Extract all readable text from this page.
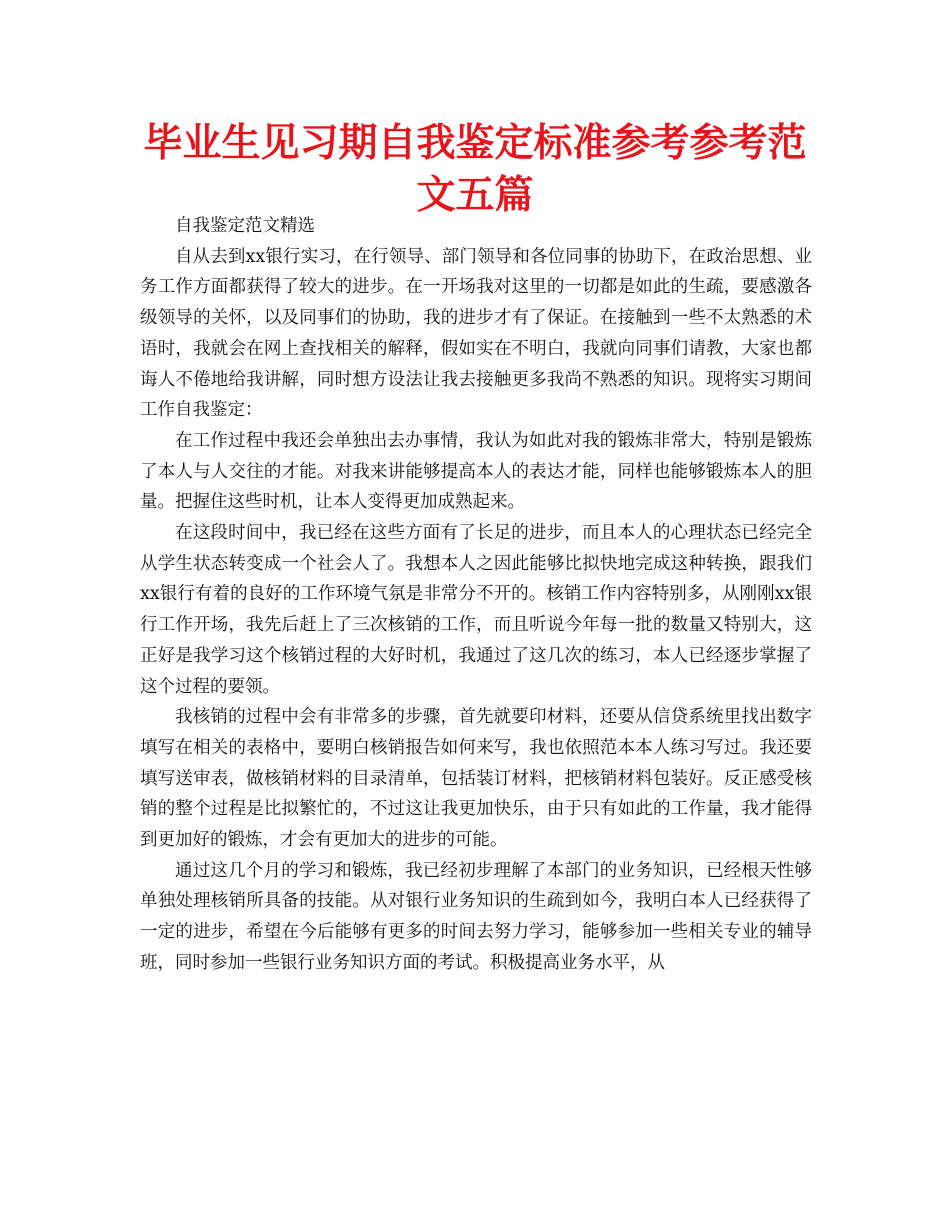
毕业生见习期自我鉴定标准参考参考范文五篇

自我鉴定范文精选

自从去到xx银行实习，在行领导、部门领导和各位同事的协助下，在政治思想、业务工作方面都获得了较大的进步。在一开场我对这里的一切都是如此的生疏，要感激各级领导的关怀，以及同事们的协助，我的进步才有了保证。在接触到一些不太熟悉的术语时，我就会在网上查找相关的解释，假如实在不明白，我就向同事们请教，大家也都诲人不倦地给我讲解，同时想方设法让我去接触更多我尚不熟悉的知识。现将实习期间工作自我鉴定：

在工作过程中我还会单独出去办事情，我认为如此对我的锻炼非常大，特别是锻炼了本人与人交往的才能。对我来讲能够提高本人的表达才能，同样也能够锻炼本人的胆量。把握住这些时机，让本人变得更加成熟起来。

在这段时间中，我已经在这些方面有了长足的进步，而且本人的心理状态已经完全从学生状态转变成一个社会人了。我想本人之因此能够比拟快地完成这种转换，跟我们xx银行有着的良好的工作环境气氛是非常分不开的。核销工作内容特别多，从刚刚xx银行工作开场，我先后赶上了三次核销的工作，而且听说今年每一批的数量又特别大，这正好是我学习这个核销过程的大好时机，我通过了这几次的练习，本人已经逐步掌握了这个过程的要领。

我核销的过程中会有非常多的步骤，首先就要印材料，还要从信贷系统里找出数字填写在相关的表格中，要明白核销报告如何来写，我也依照范本本人练习写过。我还要填写送审表，做核销材料的目录清单，包括装订材料，把核销材料包装好。反正感受核销的整个过程是比拟繁忙的，不过这让我更加快乐，由于只有如此的工作量，我才能得到更加好的锻炼，才会有更加大的进步的可能。

通过这几个月的学习和锻炼，我已经初步理解了本部门的业务知识，已经根天性够单独处理核销所具备的技能。从对银行业务知识的生疏到如今，我明白本人已经获得了一定的进步，希望在今后能够有更多的时间去努力学习，能够参加一些相关专业的辅导班，同时参加一些银行业务知识方面的考试。积极提高业务水平，从
